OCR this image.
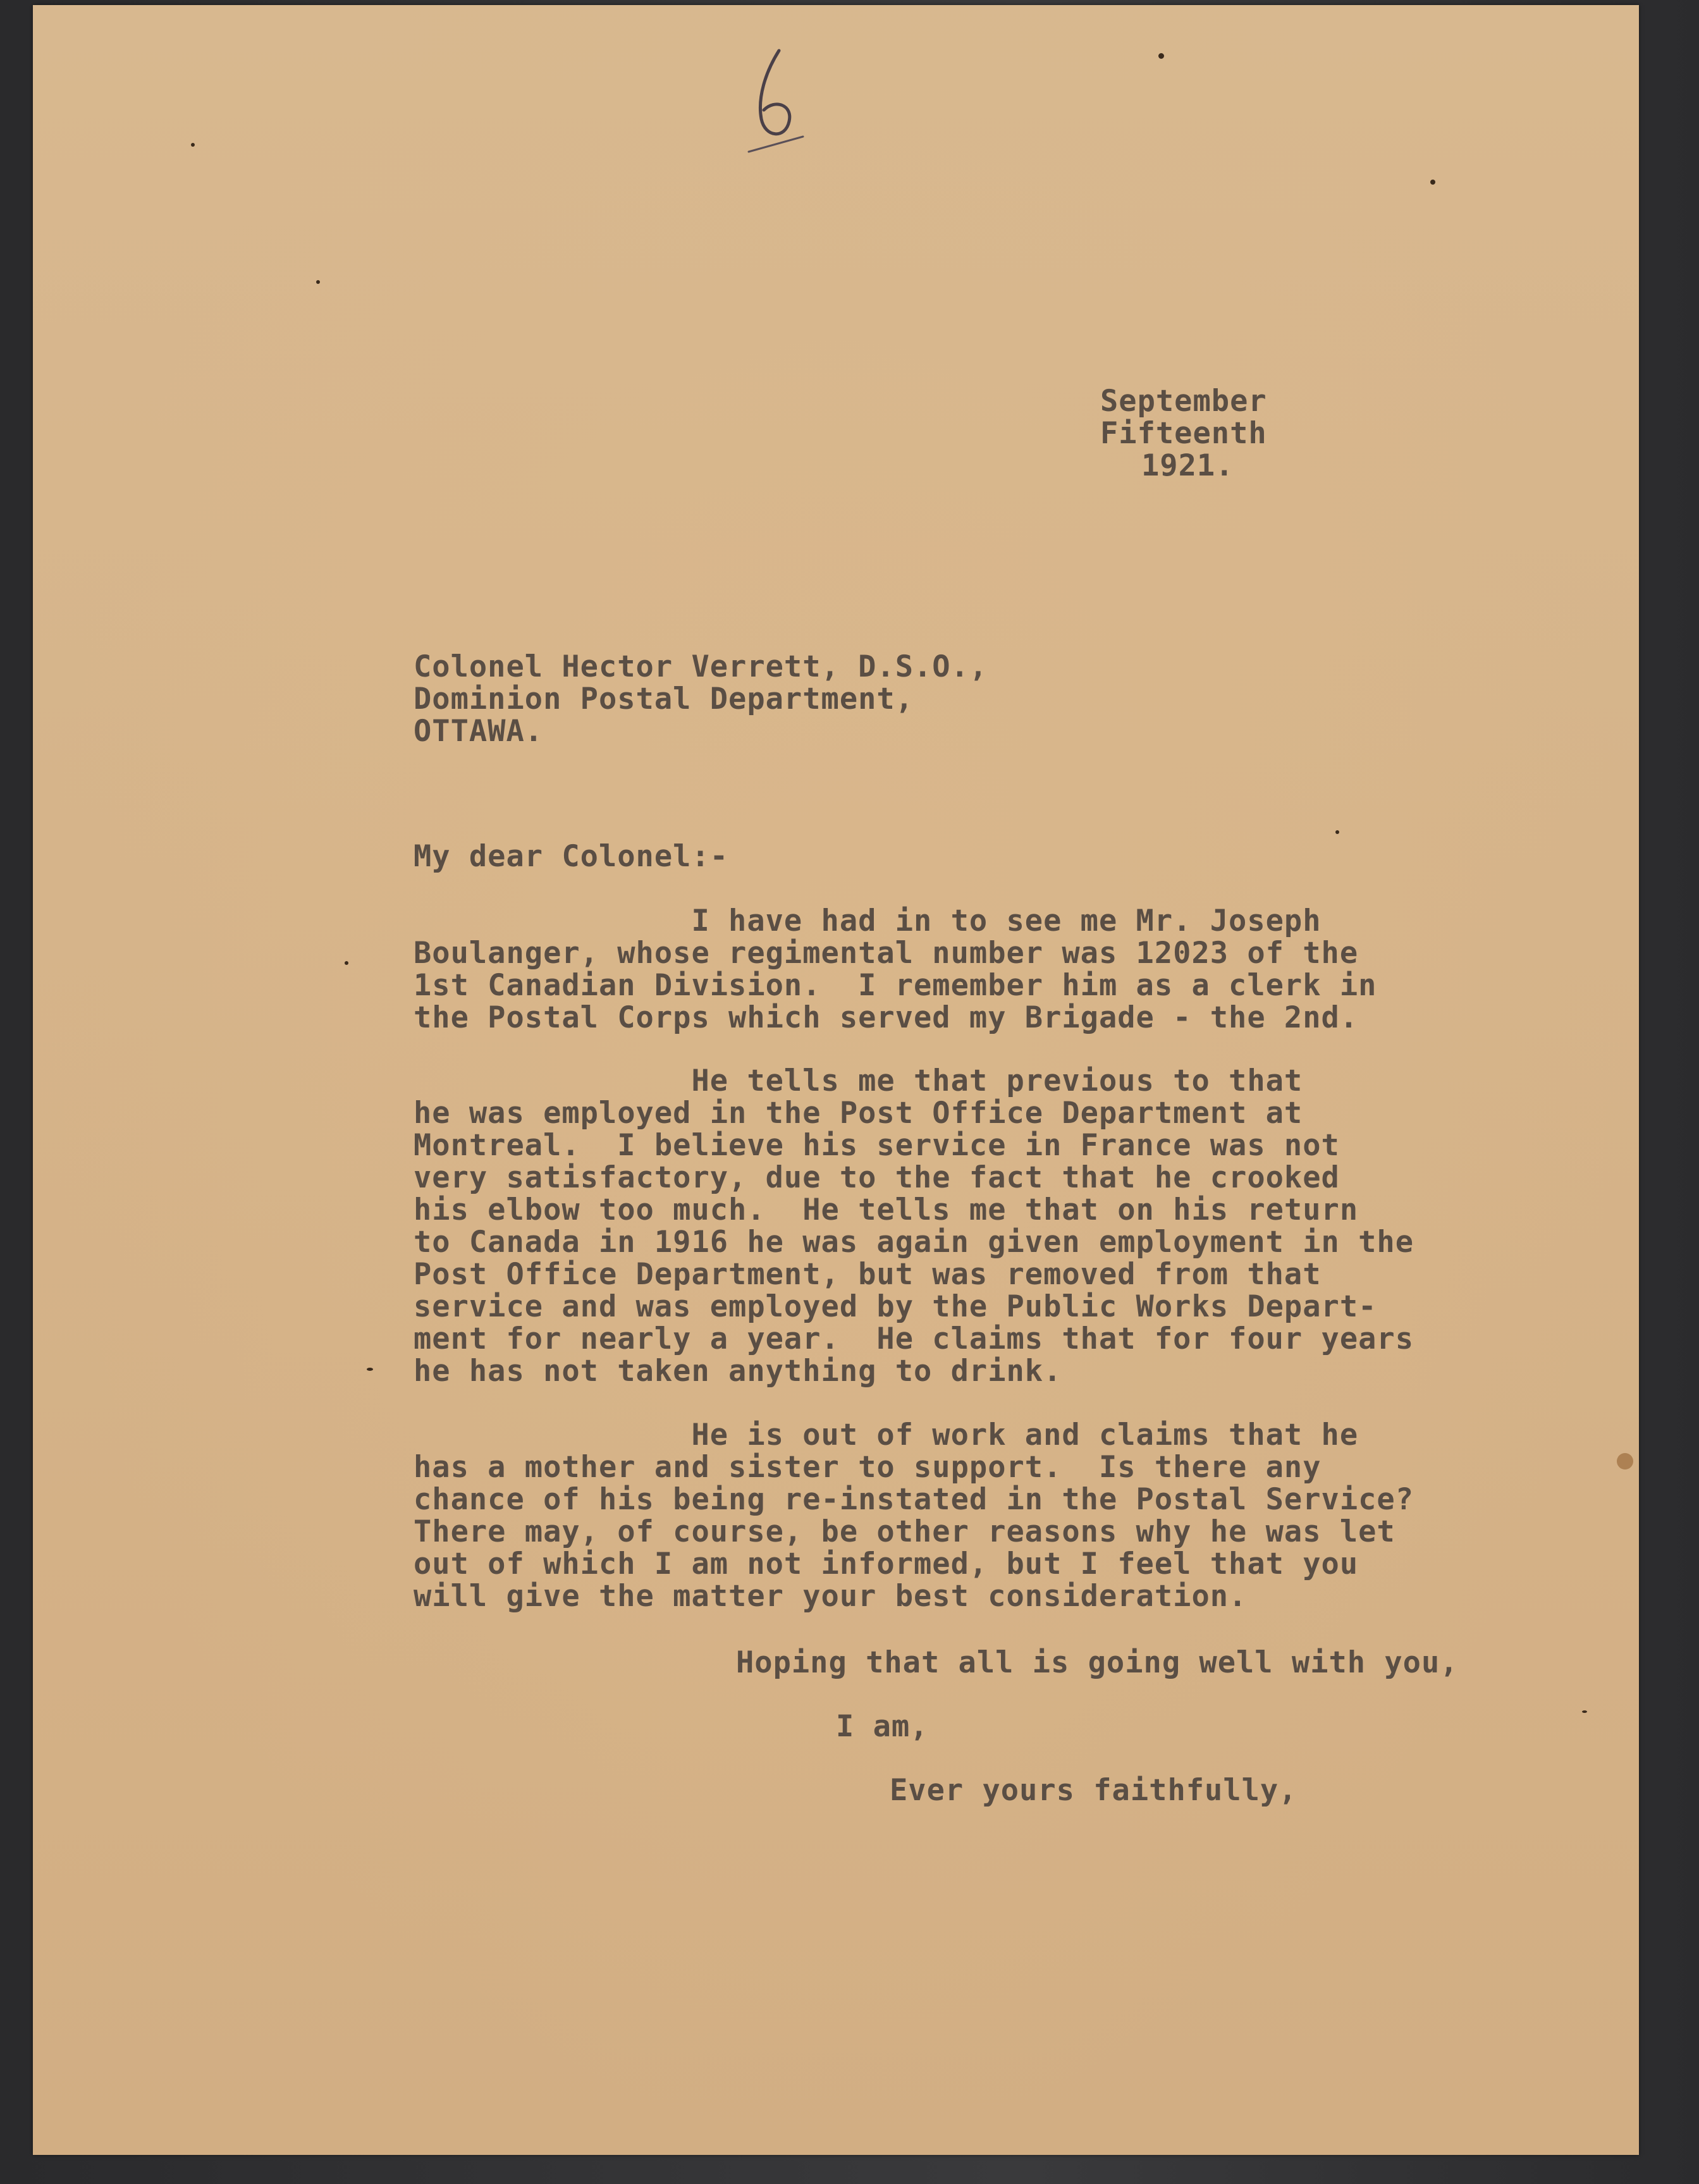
September

Fifteenth

1921.

Colonel Hector Verrett, D.S.O.,

Dominion Postal Department,

OTTAWA.

My dear Colonel:-

I have had in to see me Mr. Joseph

Boulanger, whose regimental number was 12023 of the

1st Canadian Division.  I remember him as a clerk in

the Postal Corps which served my Brigade - the 2nd.

He tells me that previous to that

he was employed in the Post Office Department at

Montreal.  I believe his service in France was not

very satisfactory, due to the fact that he crooked

his elbow too much.  He tells me that on his return

to Canada in 1916 he was again given employment in the

Post Office Department, but was removed from that

service and was employed by the Public Works Depart-

ment for nearly a year.  He claims that for four years

he has not taken anything to drink.

He is out of work and claims that he

has a mother and sister to support.  Is there any

chance of his being re-instated in the Postal Service?

There may, of course, be other reasons why he was let

out of which I am not informed, but I feel that you

will give the matter your best consideration.

Hoping that all is going well with you,

I am,

Ever yours faithfully,
